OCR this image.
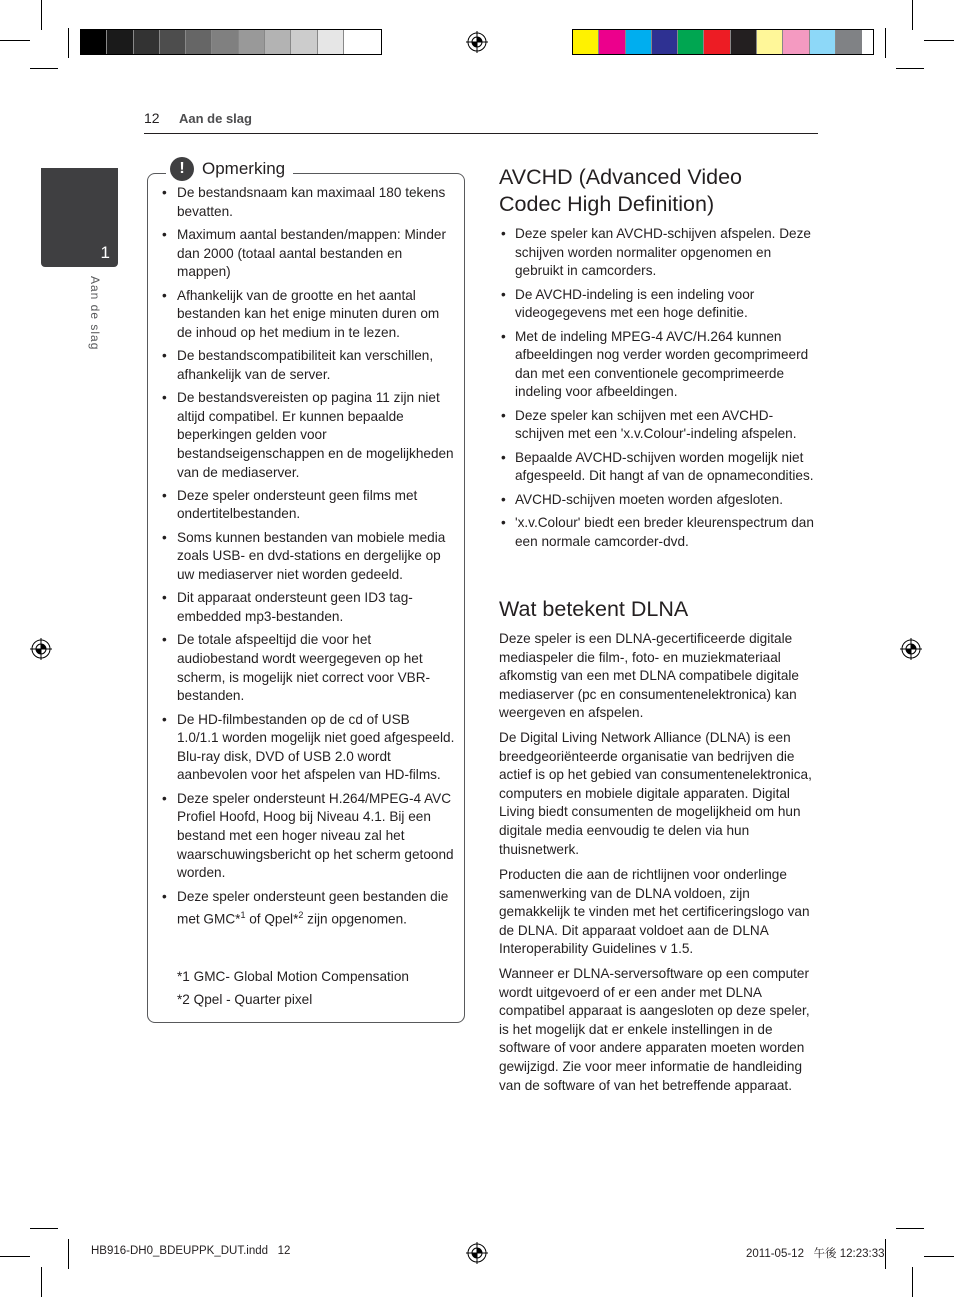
12 Aan de slag
1
Aan de slag
!	Opmerking
• De bestandsnaam kan maximaal 180 tekens bevatten.
• Maximum aantal bestanden/mappen: Minder dan 2000 (totaal aantal bestanden en mappen)
• Afhankelijk van de grootte en het aantal bestanden kan het enige minuten duren om de inhoud op het medium in te lezen.
• De bestandscompatibiliteit kan verschillen, afhankelijk van de server.
• De bestandsvereisten op pagina 11 zijn niet altijd compatibel. Er kunnen bepaalde beperkingen gelden voor bestandseigenschappen en de mogelijkheden van de mediaserver.
• Deze speler ondersteunt geen films met ondertitelbestanden.
• Soms kunnen bestanden van mobiele media zoals USB- en dvd-stations en dergelijke op uw mediaserver niet worden gedeeld.
• Dit apparaat ondersteunt geen ID3 tag-embedded mp3-bestanden.
• De totale afspeeltijd die voor het audiobestand wordt weergegeven op het scherm, is mogelijk niet correct voor VBR-bestanden.
• De HD-filmbestanden op de cd of USB 1.0/1.1 worden mogelijk niet goed afgespeeld. Blu-ray disk, DVD of USB 2.0 wordt aanbevolen voor het afspelen van HD-films.
• Deze speler ondersteunt H.264/MPEG-4 AVC Profiel Hoofd, Hoog bij Niveau 4.1. Bij een bestand met een hoger niveau zal het waarschuwingsbericht op het scherm getoond worden.
• Deze speler ondersteunt geen bestanden die met GMC*$^1$ of Qpel*$^2$ zijn opgenomen.
*1 GMC- Global Motion Compensation
*2 Qpel - Quarter pixel
AVCHD (Advanced Video
Codec High Definition)
• Deze speler kan AVCHD-schijven afspelen. Deze schijven worden normaliter opgenomen en gebruikt in camcorders.
• De AVCHD-indeling is een indeling voor videogegevens met een hoge definitie.
• Met de indeling MPEG-4 AVC/H.264 kunnen afbeeldingen nog verder worden gecomprimeerd dan met een conventionele gecomprimeerde indeling voor afbeeldingen.
• Deze speler kan schijven met een AVCHD-schijven met een 'x.v.Colour'-indeling afspelen.
• Bepaalde AVCHD-schijven worden mogelijk niet afgespeeld. Dit hangt af van de opnamecondities.
• AVCHD-schijven moeten worden afgesloten.
• 'x.v.Colour' biedt een breder kleurenspectrum dan een normale camcorder-dvd.
Wat betekent DLNA

Deze speler is een DLNA-gecertificeerde digitale mediaspeler die film-, foto- en muziekmateriaal afkomstig van een met DLNA compatibele digitale mediaserver (pc en consumentenelektronica) kan weergeven en afspelen.

De Digital Living Network Alliance (DLNA) is een breedgeoriënteerde organisatie van bedrijven die actief is op het gebied van consumentenelektronica, computers en mobiele digitale apparaten. Digital Living biedt consumenten de mogelijkheid om hun digitale media eenvoudig te delen via hun thuisnetwerk.

Producten die aan de richtlijnen voor onderlinge samenwerking van de DLNA voldoen, zijn gemakkelijk te vinden met het certificeringslogo van de DLNA. Dit apparaat voldoet aan de DLNA Interoperability Guidelines v 1.5.

Wanneer er DLNA-serversoftware op een computer wordt uitgevoerd of er een ander met DLNA compatibel apparaat is aangesloten op deze speler, is het mogelijk dat er enkele instellingen in de software of voor andere apparaten moeten worden gewijzigd. Zie voor meer informatie de handleiding van de software of van het betreffende apparaat.

HB916-DH0_BDEUPPK_DUT.indd   12	2011-05-12   午後 12:23:33
